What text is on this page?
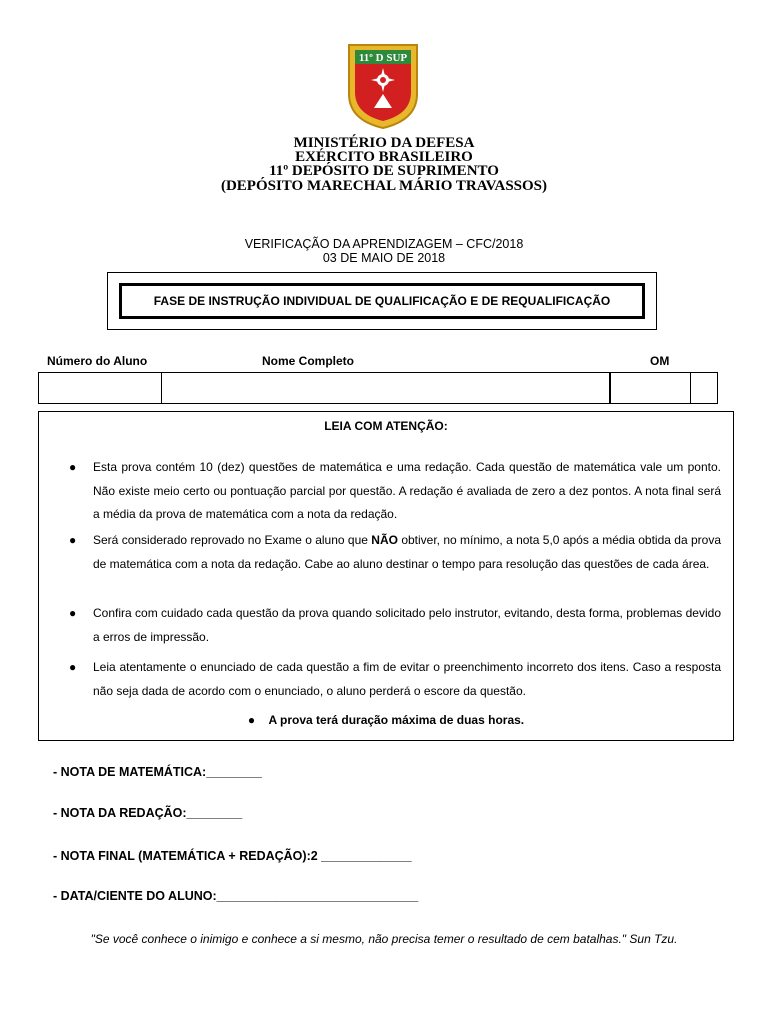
11º D SUP
MINISTÉRIO DA DEFESA
EXÉRCITO BRASILEIRO
11º DEPÓSITO DE SUPRIMENTO
(DEPÓSITO MARECHAL MÁRIO TRAVASSOS)
VERIFICAÇÃO DA APRENDIZAGEM – CFC/2018
03 DE MAIO DE 2018
FASE DE INSTRUÇÃO INDIVIDUAL DE QUALIFICAÇÃO E DE REQUALIFICAÇÃO
Número do Aluno	Nome Completo	OM
LEIA COM ATENÇÃO:
● Esta prova contém 10 (dez) questões de matemática e uma redação. Cada questão de matemática vale um ponto. Não existe meio certo ou pontuação parcial por questão. A redação é avaliada de zero a dez pontos. A nota final será a média da prova de matemática com a nota da redação.
● Será considerado reprovado no Exame o aluno que NÃO obtiver, no mínimo, a nota 5,0 após a média obtida da prova de matemática com a nota da redação. Cabe ao aluno destinar o tempo para resolução das questões de cada área.
● Confira com cuidado cada questão da prova quando solicitado pelo instrutor, evitando, desta forma, problemas devido a erros de impressão.
● Leia atentamente o enunciado de cada questão a fim de evitar o preenchimento incorreto dos itens. Caso a resposta não seja dada de acordo com o enunciado, o aluno perderá o escore da questão.
● A prova terá duração máxima de duas horas.
- NOTA DE MATEMÁTICA:________
- NOTA DA REDAÇÃO:________
- NOTA FINAL (MATEMÁTICA + REDAÇÃO):2 _____________
- DATA/CIENTE DO ALUNO:_____________________________
"Se você conhece o inimigo e conhece a si mesmo, não precisa temer o resultado de cem batalhas." Sun Tzu.
